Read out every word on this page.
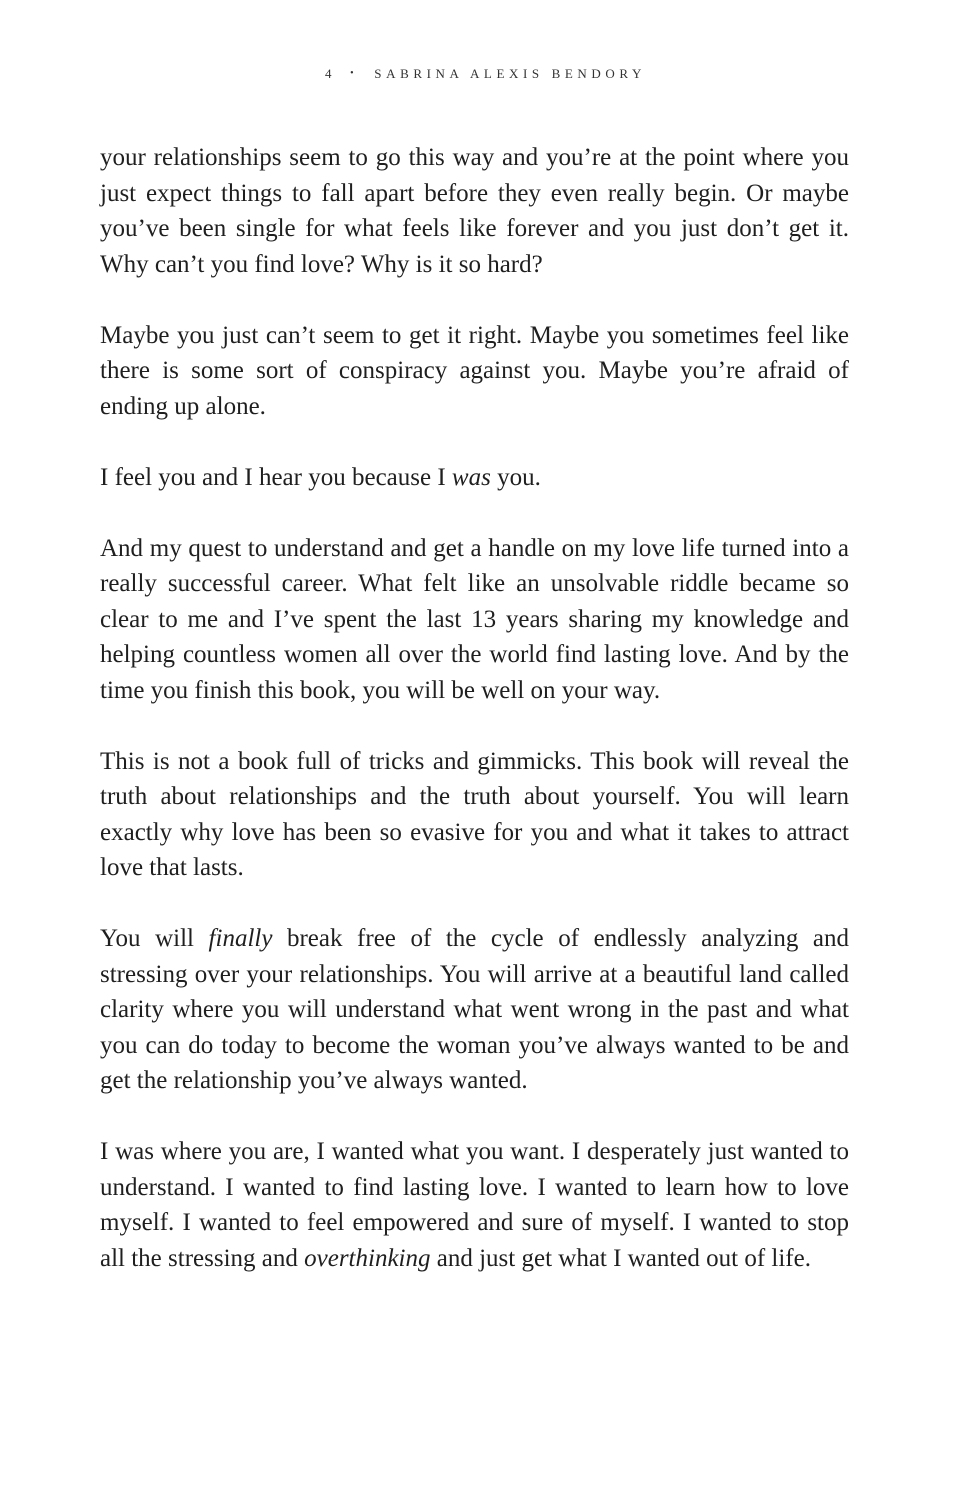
4 • SABRINA ALEXIS BENDORY

your relationships seem to go this way and you’re at the point where you just expect things to fall apart before they even really begin. Or maybe you’ve been single for what feels like forever and you just don’t get it. Why can’t you find love? Why is it so hard?

Maybe you just can’t seem to get it right. Maybe you sometimes feel like there is some sort of conspiracy against you. Maybe you’re afraid of ending up alone.

I feel you and I hear you because I was you.

And my quest to understand and get a handle on my love life turned into a really successful career. What felt like an unsolvable riddle became so clear to me and I’ve spent the last 13 years sharing my knowledge and helping countless women all over the world find lasting love. And by the time you finish this book, you will be well on your way.

This is not a book full of tricks and gimmicks. This book will reveal the truth about relationships and the truth about yourself. You will learn exactly why love has been so evasive for you and what it takes to attract love that lasts.

You will finally break free of the cycle of endlessly analyzing and stressing over your relationships. You will arrive at a beautiful land called clarity where you will understand what went wrong in the past and what you can do today to become the woman you’ve always wanted to be and get the relationship you’ve always wanted.

I was where you are, I wanted what you want. I desperately just wanted to understand. I wanted to find lasting love. I wanted to learn how to love myself. I wanted to feel empowered and sure of myself. I wanted to stop all the stressing and overthinking and just get what I wanted out of life.
